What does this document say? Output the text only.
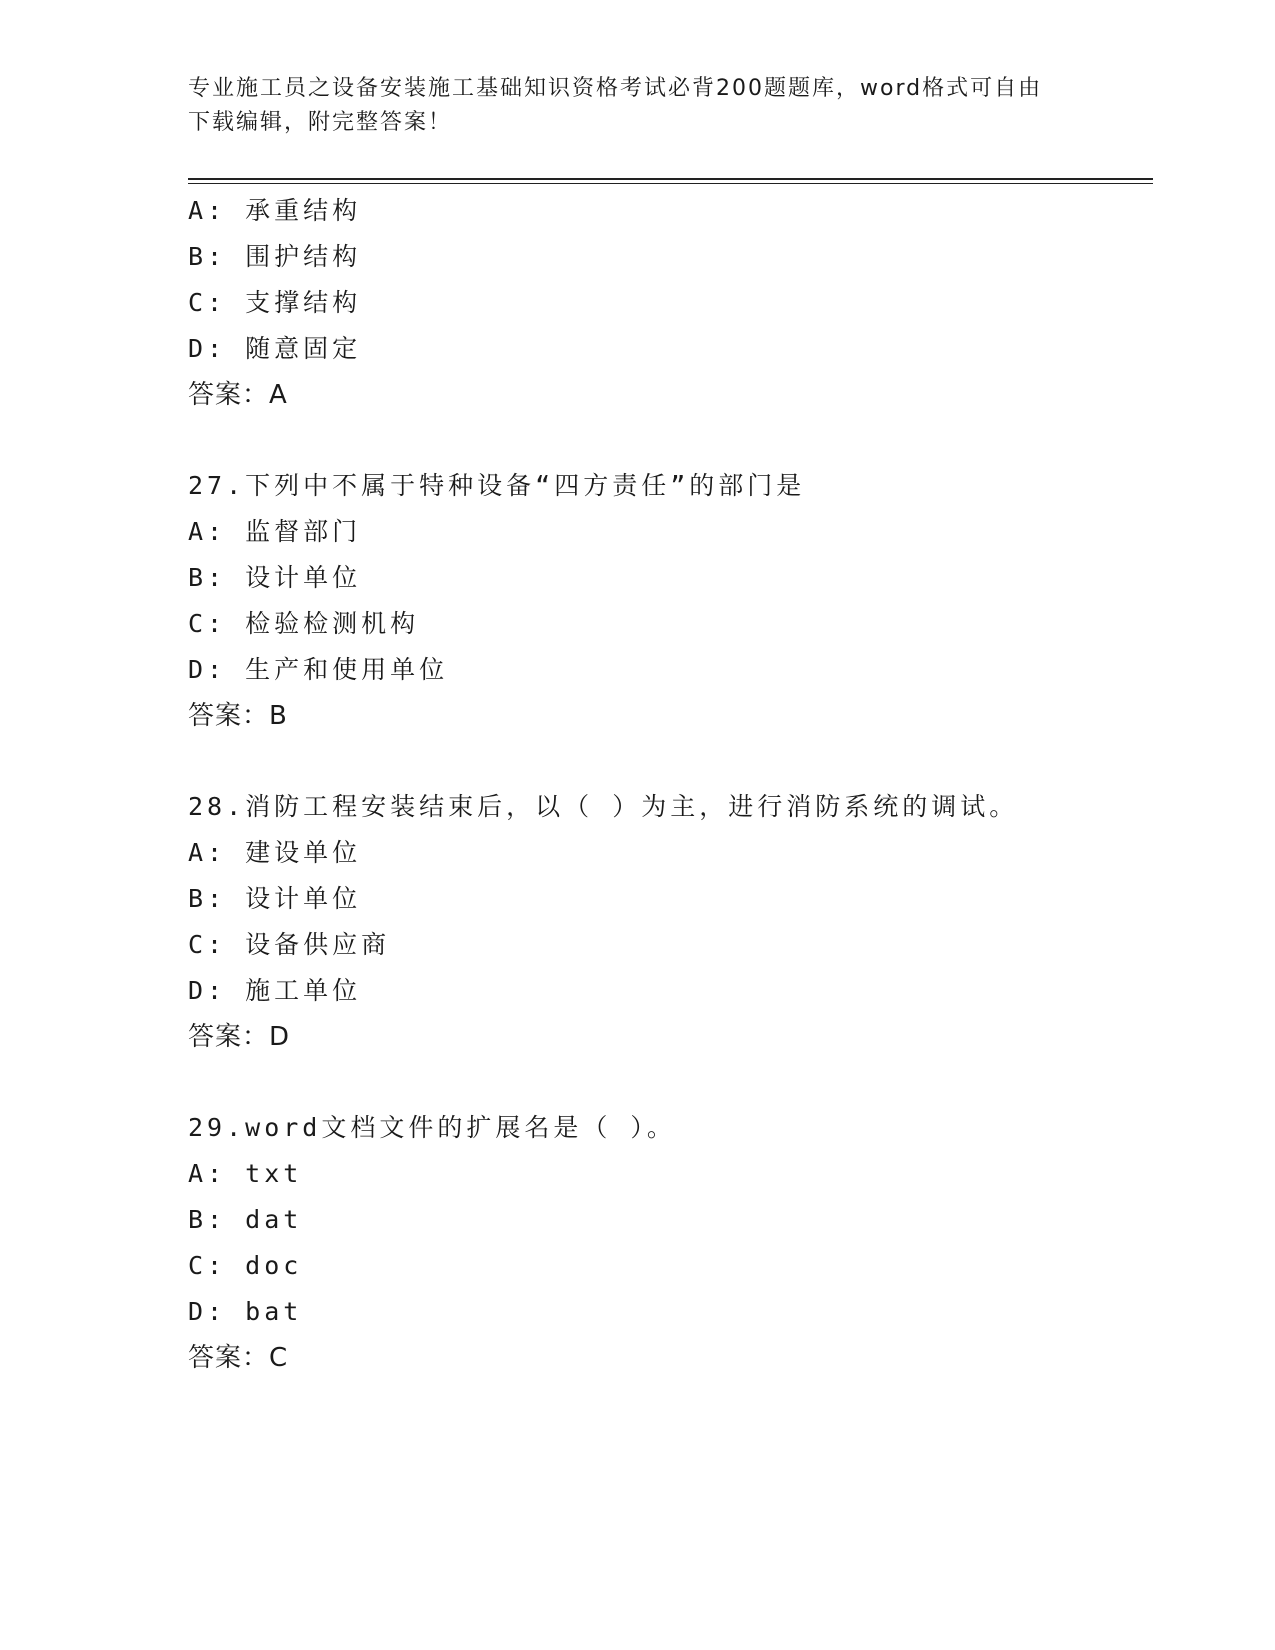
专业施工员之设备安装施工基础知识资格考试必背200题题库，word格式可自由
下载编辑，附完整答案！
A: 承重结构
B: 围护结构
C: 支撑结构
D: 随意固定
答案：A
27.下列中不属于特种设备“四方责任”的部门是
A: 监督部门
B: 设计单位
C: 检验检测机构
D: 生产和使用单位
答案：B
28.消防工程安装结束后，以（ ）为主，进行消防系统的调试。
A: 建设单位
B: 设计单位
C: 设备供应商
D: 施工单位
答案：D
29.word文档文件的扩展名是（ ）。
A: txt
B: dat
C: doc
D: bat
答案：C
